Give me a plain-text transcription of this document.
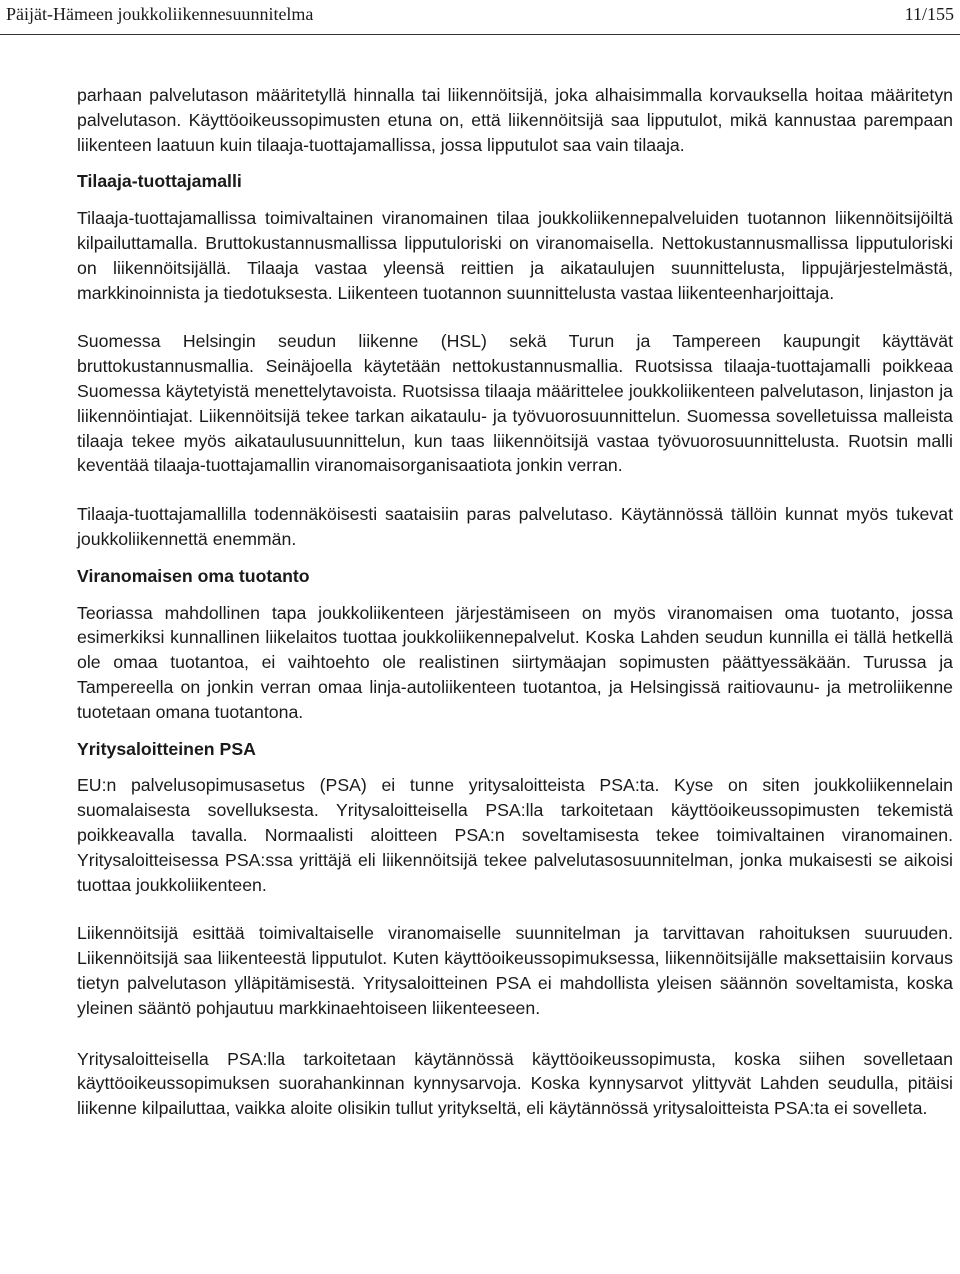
Päijät-Hämeen joukkoliikennesuunnitelma	11/155

parhaan palvelutason määritetyllä hinnalla tai liikennöitsijä, joka alhaisimmalla korvauksella hoitaa määritetyn palvelutason. Käyttöoikeussopimusten etuna on, että liikennöitsijä saa lipputulot, mikä kannustaa parempaan liikenteen laatuun kuin tilaaja-tuottajamallissa, jossa lipputulot saa vain tilaaja.

Tilaaja-tuottajamalli

Tilaaja-tuottajamallissa toimivaltainen viranomainen tilaa joukkoliikennepalveluiden tuotannon liikennöitsijöiltä kilpailuttamalla. Bruttokustannusmallissa lipputuloriski on viranomaisella. Nettokustannusmallissa lipputuloriski on liikennöitsijällä. Tilaaja vastaa yleensä reittien ja aikataulujen suunnittelusta, lippujärjestelmästä, markkinoinnista ja tiedotuksesta. Liikenteen tuotannon suunnittelusta vastaa liikenteenharjoittaja.

Suomessa Helsingin seudun liikenne (HSL) sekä Turun ja Tampereen kaupungit käyttävät bruttokustannusmallia. Seinäjoella käytetään nettokustannusmallia. Ruotsissa tilaaja-tuottajamalli poikkeaa Suomessa käytetyistä menettelytavoista. Ruotsissa tilaaja määrittelee joukkoliikenteen palvelutason, linjaston ja liikennöintiajat. Liikennöitsijä tekee tarkan aikataulu- ja työvuorosuunnittelun. Suomessa sovelletuissa malleista tilaaja tekee myös aikataulusuunnittelun, kun taas liikennöitsijä vastaa työvuorosuunnittelusta. Ruotsin malli keventää tilaaja-tuottajamallin viranomaisorganisaatiota jonkin verran.

Tilaaja-tuottajamallilla todennäköisesti saataisiin paras palvelutaso. Käytännössä tällöin kunnat myös tukevat joukkoliikennettä enemmän.

Viranomaisen oma tuotanto

Teoriassa mahdollinen tapa joukkoliikenteen järjestämiseen on myös viranomaisen oma tuotanto, jossa esimerkiksi kunnallinen liikelaitos tuottaa joukkoliikennepalvelut. Koska Lahden seudun kunnilla ei tällä hetkellä ole omaa tuotantoa, ei vaihtoehto ole realistinen siirtymäajan sopimusten päättyessäkään. Turussa ja Tampereella on jonkin verran omaa linja-autoliikenteen tuotantoa, ja Helsingissä raitiovaunu- ja metroliikenne tuotetaan omana tuotantona.

Yritysaloitteinen PSA

EU:n palvelusopimusasetus (PSA) ei tunne yritysaloitteista PSA:ta. Kyse on siten joukkoliikennelain suomalaisesta sovelluksesta. Yritysaloitteisella PSA:lla tarkoitetaan käyttöoikeussopimusten tekemistä poikkeavalla tavalla. Normaalisti aloitteen PSA:n soveltamisesta tekee toimivaltainen viranomainen. Yritysaloitteisessa PSA:ssa yrittäjä eli liikennöitsijä tekee palvelutasosuunnitelman, jonka mukaisesti se aikoisi tuottaa joukkoliikenteen.

Liikennöitsijä esittää toimivaltaiselle viranomaiselle suunnitelman ja tarvittavan rahoituksen suuruuden. Liikennöitsijä saa liikenteestä lipputulot. Kuten käyttöoikeussopimuksessa, liikennöitsijälle maksettaisiin korvaus tietyn palvelutason ylläpitämisestä. Yritysaloitteinen PSA ei mahdollista yleisen säännön soveltamista, koska yleinen sääntö pohjautuu markkinaehtoiseen liikenteeseen.

Yritysaloitteisella PSA:lla tarkoitetaan käytännössä käyttöoikeussopimusta, koska siihen sovelletaan käyttöoikeussopimuksen suorahankinnan kynnysarvoja. Koska kynnysarvot ylittyvät Lahden seudulla, pitäisi liikenne kilpailuttaa, vaikka aloite olisikin tullut yritykseltä, eli käytännössä yritysaloitteista PSA:ta ei sovelleta.
